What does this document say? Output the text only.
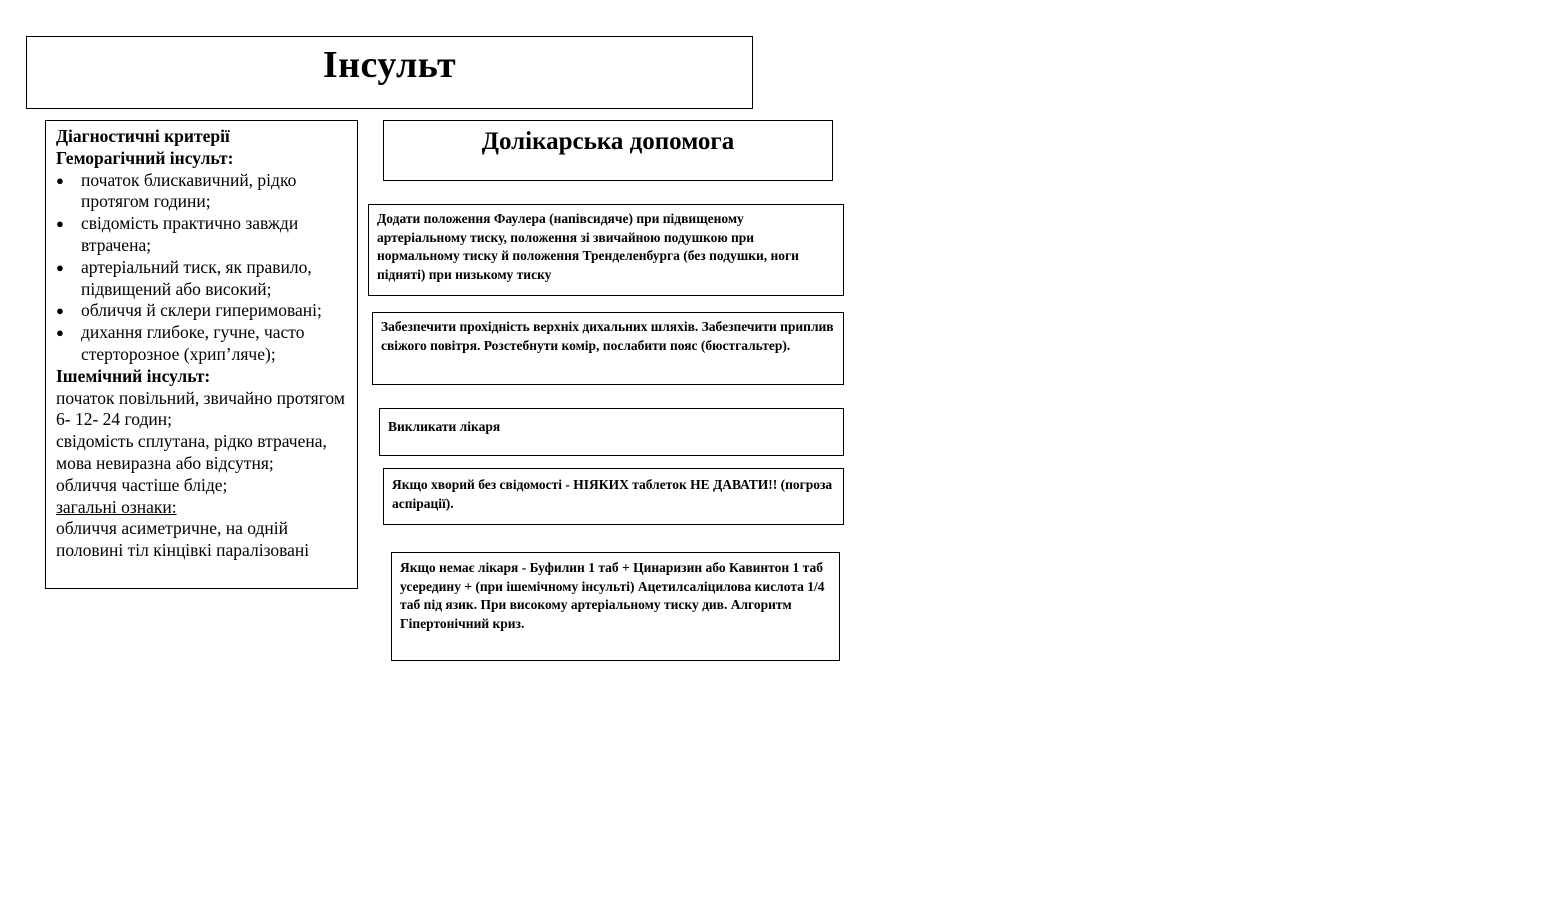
Інсульт

Діагностичні критерії

Геморагічний інсульт:

● початок блискавичний, рідко протягом години;
● свідомість практично завжди втрачена;
● артеріальний тиск, як правило, підвищений або високий;
● обличчя й склери гиперимовані;
● дихання глибоке, гучне, часто стерторозное (хрип’ляче);

Ішемічний інсульт:

початок повільний, звичайно протягом 6- 12- 24 годин;

свідомість сплутана, рідко втрачена, мова невиразна або відсутня;

обличчя частіше бліде;

загальні ознаки:

обличчя асиметричне, на одній половині тіл кінцівкі паралізовані

Долікарська допомога

Додати положення Фаулера (напівсидяче) при підвищеному артеріальному тиску, положення зі звичайною подушкою при нормальному тиску й положення Тренделенбурга (без подушки, ноги підняті) при низькому тиску

Забезпечити прохідність верхніх дихальних шляхів. Забезпечити приплив свіжого повітря. Розстебнути комір, послабити пояс (бюстгальтер).

Викликати лікаря

Якщо хворий без свідомості - НІЯКИХ таблеток НЕ ДАВАТИ!! (погроза аспірації).

Якщо немає лікаря - Буфилин 1 таб + Цинаризин або Кавинтон 1 таб усередину + (при ішемічному інсульті) Ацетилсаліцилова кислота 1/4 таб під язик. При високому артеріальному тиску див. Алгоритм Гіпертонічний криз.
